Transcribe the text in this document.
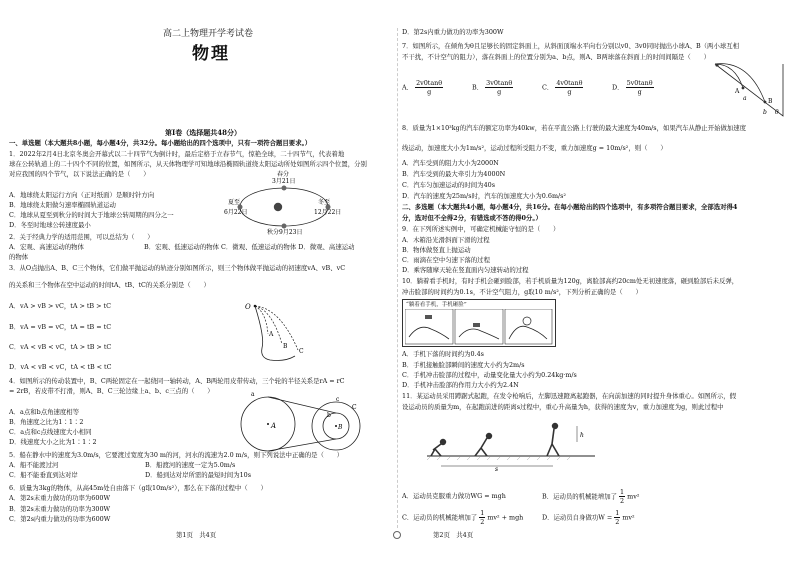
高二上物理开学考试卷
物理
第Ⅰ卷（选择题共48分）
一、单选题（本大题共8小题，每小题4分，共32分。每小题给出的四个选项中，只有一项符合题目要求。）
1．2022年2月4日北京冬奥会开幕式以二十四节气为倒计时，最后定格于立春节气，惊艳全球，二十四节气，代表着地
球在公转轨道上的二十四个不同的位置，如图所示，从天体物理学可知地球沿椭圆轨道绕太阳运动所处如图所示四个位置，分别
对应我国的四个节气，以下说法正确的是（　　）
A．地球绕太阳运行方向（正对纸面）是顺时针方向
B．地球绕太阳做匀速率椭圆轨道运动
C．地球从夏至到秋分的时间大于地球公转周期的四分之一
D．冬至时地球公转速度最小
春分
3月21日
夏至
6月22日
冬至
12月22日
秋分9月23日
2．关于经典力学的适用范围，可以总结为（　　）
A．宏观、高速运动的物体	B．宏观、低速运动的物体 C．微观、低速运动的物体 D．微观、高速运动
的物体
3．从O点抛出A、B、C三个物体，它们做平抛运动的轨迹分别如图所示，则三个物体做平抛运动的初速度vA、vB、vC
的关系和三个物体在空中运动的时间tA、tB、tC的关系分别是（　　）
A．vA > vB > vC，tA > tB > tC
B．vA = vB = vC，tA = tB = tC
C．vA < vB < vC，tA > tB > tC
D．vA < vB < vC，tA < tB < tC
O
A
B
C
4．如图所示的传动装置中，B、C两轮固定在一起绕同一轴转动，A、B两轮用皮带传动，三个轮的半径关系是rA = rC
= 2rB，若皮带不打滑，则A、B、C三轮边缘上a、b、c三点的（　　）
A．a点和b点角速度相等
B．角速度之比为1∶1∶2
C．a点和c点线速度大小相同
D．线速度大小之比为1∶1∶2
A
a
B
b
C
c
5．船在静水中的速度为3.0m/s，它要渡过宽度为30 m的河，河水的流速为2.0 m/s，则下列说法中正确的是（　　）
A．船不能渡过河	B．船渡河的速度一定为5.0m/s
C．船不能垂直到达对岸	D．船到达对岸所需的最短时间为10s
6．质量为3kg的物体，从高45m处自由落下（g取10m/s²），那么在下落的过程中（　　）
A．第2s末重力做功的功率为600W
B．第2s末重力做功的功率为300W
C．第2s内重力做功的功率为600W
第1页　共4页
D．第2s内重力做功的功率为300W
7．如图所示，在倾角为θ且足够长的固定斜面上，从斜面顶端水平向右分别以v0、3v0同时抛出小球A、B（两小球互相
不干扰，不计空气的阻力），落在斜面上的位置分别为a、b点，则A、B两球落在斜面上的时间间隔是（　　）
A． $\frac{2v0\tan\theta}{g}$	B． $\frac{3v0\tan\theta}{g}$	C． $\frac{4v0\tan\theta}{g}$	D． $\frac{5v0\tan\theta}{g}$	A
B
a
b θ
8．质量为1×10³kg的汽车的额定功率为40kw，若在平直公路上行驶的最大速度为40m/s，如果汽车从静止开始做加速度
线运动，加速度大小为1m/s²，运动过程所受阻力不变，重力加速度g = 10m/s²，则（　　）
A．汽车受到的阻力大小为2000N
B．汽车受到的最大牵引力为4000N
C．汽车匀加速运动的时间为40s
D．汽车的速度为25m/s时，汽车的加速度大小为0.6m/s²
二、多选题（本大题共4小题，每小题4分，共16分。在每小题给出的四个选项中，有多项符合题目要求，全部选对得4
分，选对但不全得2分，有错选或不答的得0分。）
9．在下列所述实例中，可确定机械能守恒的是（　　）
A．木箱沿光滑斜面下滑的过程
B．物体做竖直上抛运动
C．雨滴在空中匀速下落的过程
D．乘客随摩天轮在竖直面内匀速转动的过程
10．躺着看手机时，有时手机会砸到脸部，若手机质量为120g，离脸部高约20cm处无初速度落，砸到脸部后未反弹，
冲击脸部的时间约为0.1s，不计空气阻力，g取10 m/s²，下列分析正确的是（　　）
“躺着看手机，手机砸脸”
A．手机下落的时间约为0.4s
B．手机接触脸部瞬间的速度大小约为2m/s
C．手机冲击脸部的过程中，动量变化量大小约为0.24kg·m/s
D．手机冲击脸部的作用力大小约为2.4N
11．某运动员采用蹲踞式起跑，在发令枪响后，左脚迅速蹬离起跑器，在向前加速的同时提升身体重心。如图所示，假
设运动员的质量为m，在起跑前进的距离s过程中，重心升高量为h，获得的速度为v，重力加速度为g，则此过程中
h
s
A．运动员克服重力做功WG = mgh	B．运动员的机械能增加了 $\frac{1}{2} mv^2$
C．运动员的机械能增加了 $\frac{1}{2} mv^2$ + mgh	D．运动员自身做功$W = \frac{1}{2} mv^2$
第2页　共4页
